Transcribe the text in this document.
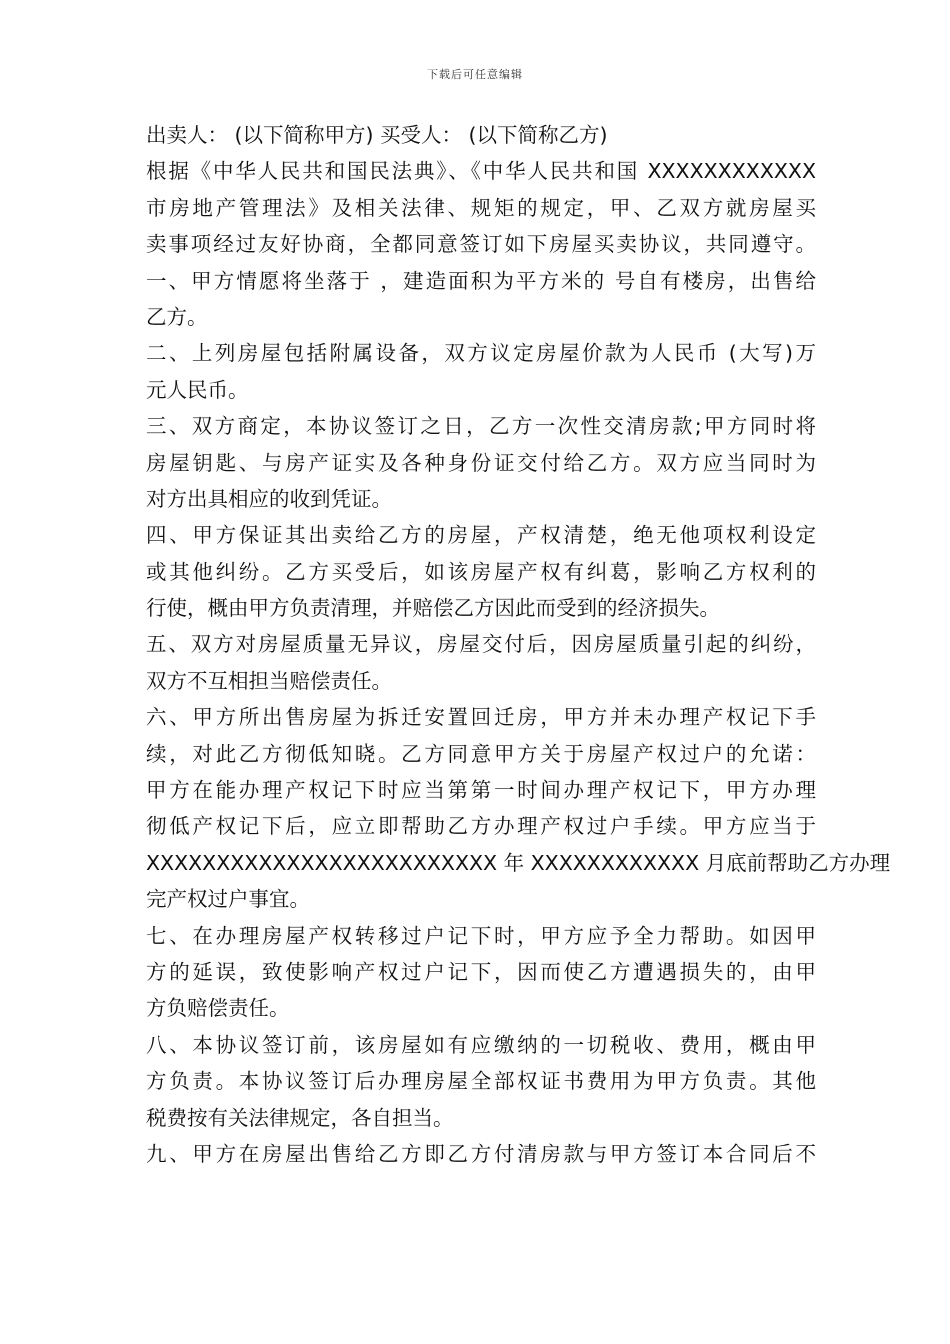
下载后可任意编辑
出卖人： (以下简称甲方) 买受人： (以下简称乙方)
根据《中华人民共和国民法典》、《中华人民共和国 XXXXXXXXXXXX
市房地产管理法》及相关法律、规矩的规定，甲、乙双方就房屋买
卖事项经过友好协商，全都同意签订如下房屋买卖协议，共同遵守。
一、甲方情愿将坐落于 ，建造面积为平方米的 号自有楼房，出售给
乙方。
二、上列房屋包括附属设备，双方议定房屋价款为人民币 (大写)万
元人民币。
三、双方商定，本协议签订之日，乙方一次性交清房款;甲方同时将
房屋钥匙、与房产证实及各种身份证交付给乙方。双方应当同时为
对方出具相应的收到凭证。
四、甲方保证其出卖给乙方的房屋，产权清楚，绝无他项权利设定
或其他纠纷。乙方买受后，如该房屋产权有纠葛，影响乙方权利的
行使，概由甲方负责清理，并赔偿乙方因此而受到的经济损失。
五、双方对房屋质量无异议，房屋交付后，因房屋质量引起的纠纷，
双方不互相担当赔偿责任。
六、甲方所出售房屋为拆迁安置回迁房，甲方并未办理产权记下手
续，对此乙方彻低知晓。乙方同意甲方关于房屋产权过户的允诺：
甲方在能办理产权记下时应当第第一时间办理产权记下，甲方办理
彻低产权记下后，应立即帮助乙方办理产权过户手续。甲方应当于
XXXXXXXXXXXXXXXXXXXXXXXXX 年 XXXXXXXXXXXX 月底前帮助乙方办理
完产权过户事宜。
七、在办理房屋产权转移过户记下时，甲方应予全力帮助。如因甲
方的延误，致使影响产权过户记下，因而使乙方遭遇损失的，由甲
方负赔偿责任。
八、本协议签订前，该房屋如有应缴纳的一切税收、费用，概由甲
方负责。本协议签订后办理房屋全部权证书费用为甲方负责。其他
税费按有关法律规定，各自担当。
九、甲方在房屋出售给乙方即乙方付清房款与甲方签订本合同后不
